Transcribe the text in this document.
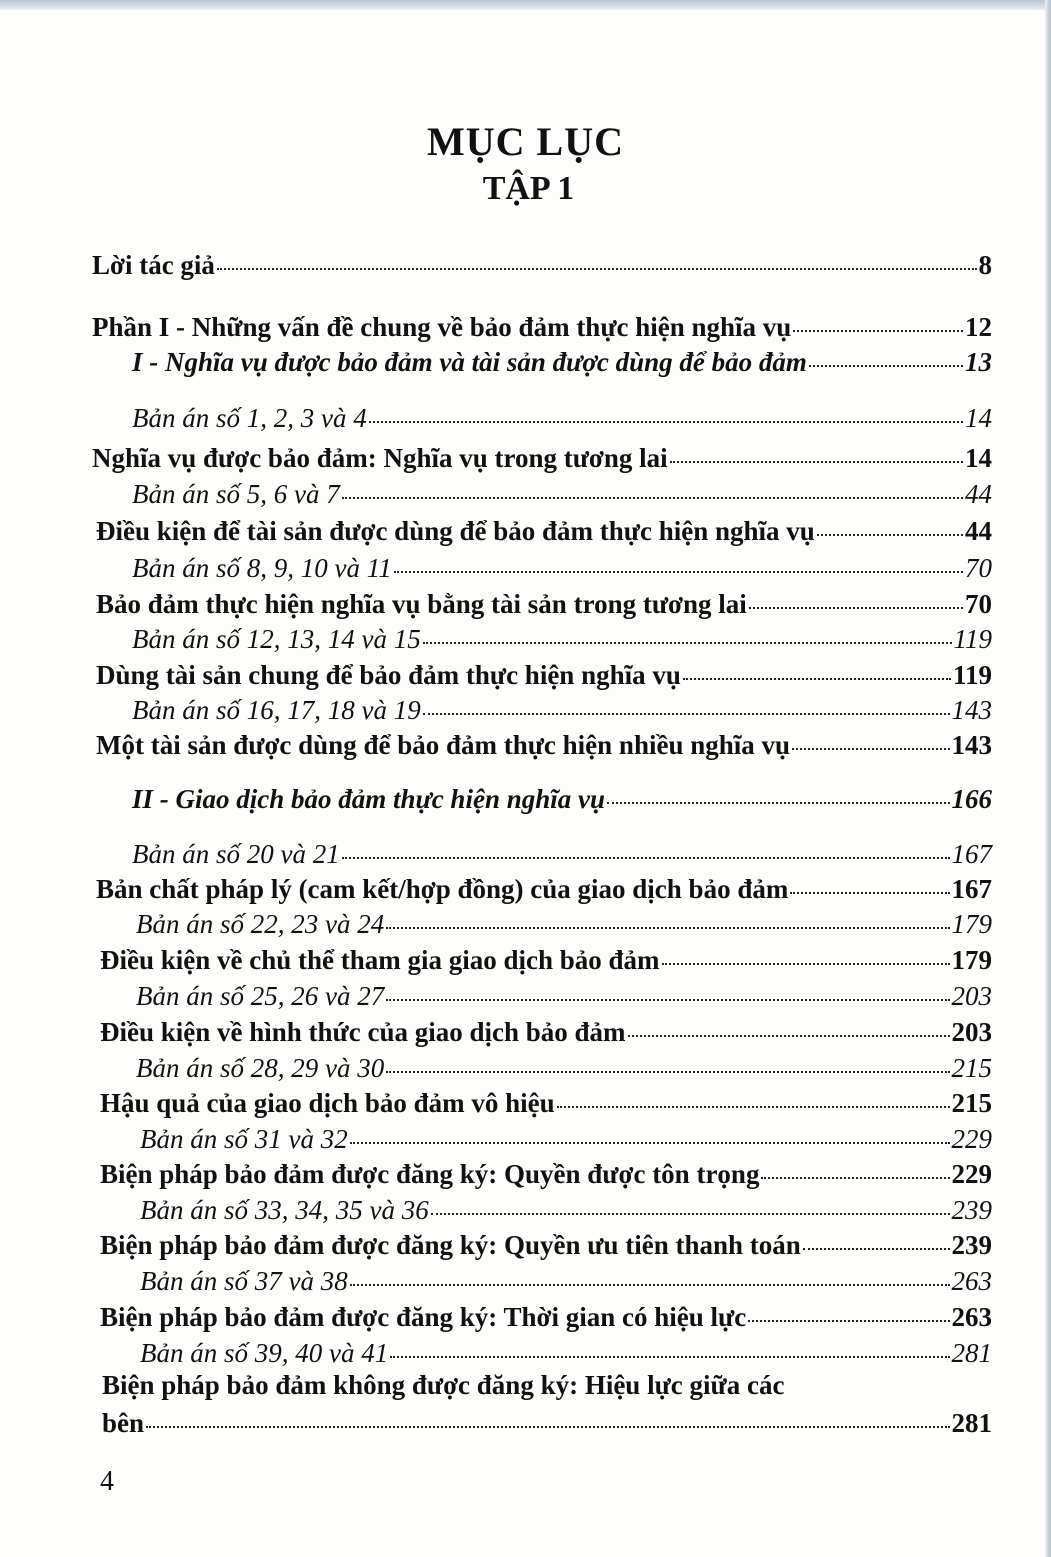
MỤC LỤC
TẬP 1
Lời tác giả	8
Phần I - Những vấn đề chung về bảo đảm thực hiện nghĩa vụ	12
I - Nghĩa vụ được bảo đảm và tài sản được dùng để bảo đảm	13
Bản án số 1, 2, 3 và 4	14
Nghĩa vụ được bảo đảm: Nghĩa vụ trong tương lai	14
Bản án số 5, 6 và 7	44
Điều kiện để tài sản được dùng để bảo đảm thực hiện nghĩa vụ	44
Bản án số 8, 9, 10 và 11	70
Bảo đảm thực hiện nghĩa vụ bằng tài sản trong tương lai	70
Bản án số 12, 13, 14 và 15	119
Dùng tài sản chung để bảo đảm thực hiện nghĩa vụ	119
Bản án số 16, 17, 18 và 19	143
Một tài sản được dùng để bảo đảm thực hiện nhiều nghĩa vụ	143
II - Giao dịch bảo đảm thực hiện nghĩa vụ	166
Bản án số 20 và 21	167
Bản chất pháp lý (cam kết/hợp đồng) của giao dịch bảo đảm	167
Bản án số 22, 23 và 24	179
Điều kiện về chủ thể tham gia giao dịch bảo đảm	179
Bản án số 25, 26 và 27	203
Điều kiện về hình thức của giao dịch bảo đảm	203
Bản án số 28, 29 và 30	215
Hậu quả của giao dịch bảo đảm vô hiệu	215
Bản án số 31 và 32	229
Biện pháp bảo đảm được đăng ký: Quyền được tôn trọng	229
Bản án số 33, 34, 35 và 36	239
Biện pháp bảo đảm được đăng ký: Quyền ưu tiên thanh toán	239
Bản án số 37 và 38	263
Biện pháp bảo đảm được đăng ký: Thời gian có hiệu lực	263
Bản án số 39, 40 và 41	281
Biện pháp bảo đảm không được đăng ký: Hiệu lực giữa các
bên	281
4
